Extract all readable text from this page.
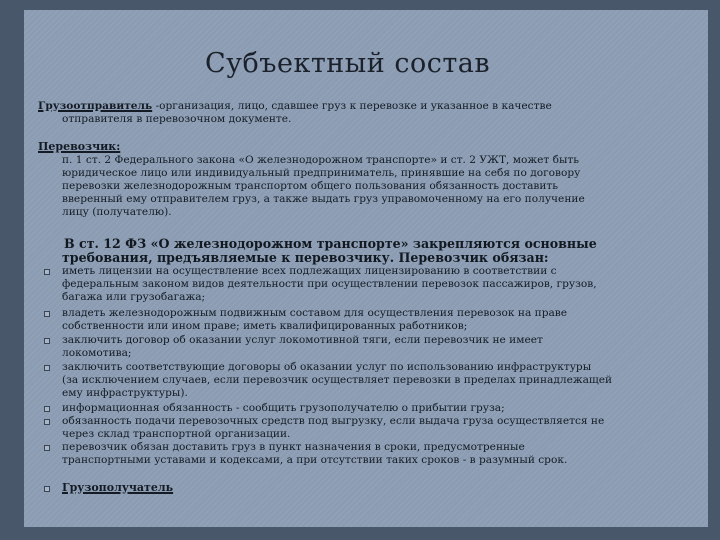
Субъектный состав
Грузоотправитель -организация, лицо, сдавшее груз к перевозке и указанное в качестве
отправителя в перевозочном документе.
Перевозчик:
п. 1 ст. 2 Федерального закона «О железнодорожном транспорте» и ст. 2 УЖТ, может быть
юридическое лицо или индивидуальный предприниматель, принявшие на себя по договору
перевозки железнодорожным транспортом общего пользования обязанность доставить
вверенный ему отправителем груз, а также выдать груз управомоченному на его получение
лицу (получателю).
В ст. 12 ФЗ «О железнодорожном транспорте» закрепляются основные
требования, предъявляемые к перевозчику. Перевозчик обязан:
иметь лицензии на осуществление всех подлежащих лицензированию в соответствии с
федеральным законом видов деятельности при осуществлении перевозок пассажиров, грузов,
багажа или грузобагажа;
владеть железнодорожным подвижным составом для осуществления перевозок на праве
собственности или ином праве; иметь квалифицированных работников;
заключить договор об оказании услуг локомотивной тяги, если перевозчик не имеет
локомотива;
заключить соответствующие договоры об оказании услуг по использованию инфраструктуры
(за исключением случаев, если перевозчик осуществляет перевозки в пределах принадлежащей
ему инфраструктуры).
информационная обязанность - сообщить грузополучателю о прибытии груза;
обязанность подачи перевозочных средств под выгрузку, если выдача груза осуществляется не
через склад транспортной организации.
перевозчик обязан доставить груз в пункт назначения в сроки, предусмотренные
транспортными уставами и кодексами, а при отсутствии таких сроков - в разумный срок.
Грузополучатель
